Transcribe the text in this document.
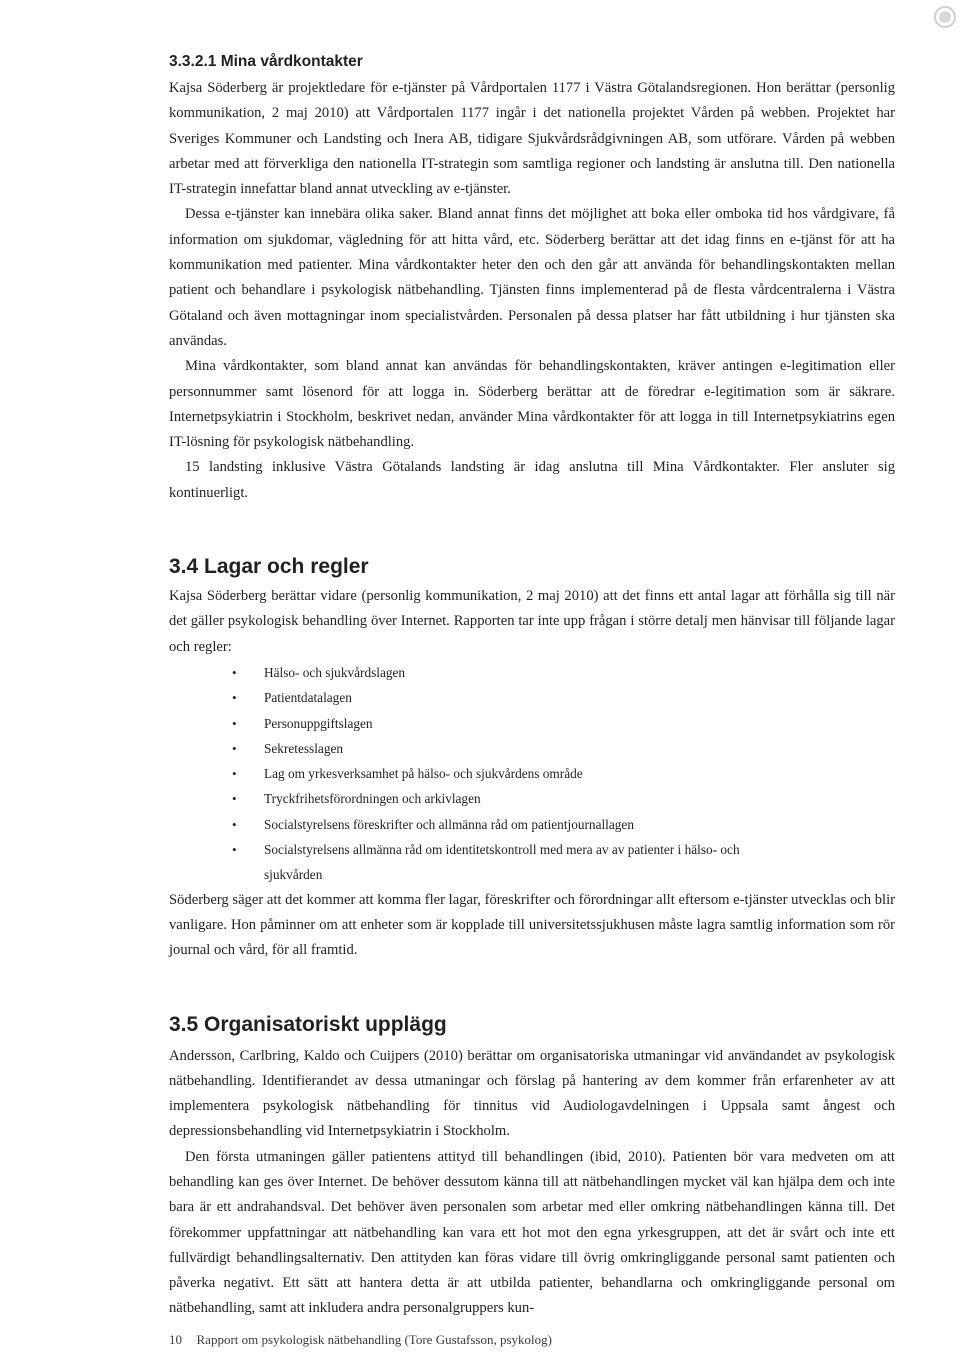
3.3.2.1 Mina vårdkontakter

Kajsa Söderberg är projektledare för e-tjänster på Vårdportalen 1177 i Västra Götalandsregionen. Hon berättar (personlig kommunikation, 2 maj 2010) att Vårdportalen 1177 ingår i det nationella projektet Vården på webben. Projektet har Sveriges Kommuner och Landsting och Inera AB, tidigare Sjukvårdsrådgivningen AB, som utförare. Vården på webben arbetar med att förverkliga den nationella IT-strategin som samtliga regioner och landsting är anslutna till. Den nationella IT-strategin innefattar bland annat utveckling av e-tjänster.

Dessa e-tjänster kan innebära olika saker. Bland annat finns det möjlighet att boka eller omboka tid hos vårdgivare, få information om sjukdomar, vägledning för att hitta vård, etc. Söderberg berättar att det idag finns en e-tjänst för att ha kommunikation med patienter. Mina vårdkontakter heter den och den går att använda för behandlingskontakten mellan patient och behandlare i psykologisk nätbehandling. Tjänsten finns implementerad på de flesta vårdcentralerna i Västra Götaland och även mottagningar inom specialistvården. Personalen på dessa platser har fått utbildning i hur tjänsten ska användas.

Mina vårdkontakter, som bland annat kan användas för behandlingskontakten, kräver antingen e-legitimation eller personnummer samt lösenord för att logga in. Söderberg berättar att de föredrar e-legitimation som är säkrare. Internetpsykiatrin i Stockholm, beskrivet nedan, använder Mina vårdkontakter för att logga in till Internetpsykiatrins egen IT-lösning för psykologisk nätbehandling.

15 landsting inklusive Västra Götalands landsting är idag anslutna till Mina Vårdkontakter. Fler ansluter sig kontinuerligt.

3.4 Lagar och regler

Kajsa Söderberg berättar vidare (personlig kommunikation, 2 maj 2010) att det finns ett antal lagar att förhålla sig till när det gäller psykologisk behandling över Internet. Rapporten tar inte upp frågan i större detalj men hänvisar till följande lagar och regler:

• Hälso- och sjukvårdslagen
• Patientdatalagen
• Personuppgiftslagen
• Sekretesslagen
• Lag om yrkesverksamhet på hälso- och sjukvårdens område
• Tryckfrihetsförordningen och arkivlagen
• Socialstyrelsens föreskrifter och allmänna råd om patientjournallagen
• Socialstyrelsens allmänna råd om identitetskontroll med mera av av patienter i hälso- och sjukvården

Söderberg säger att det kommer att komma fler lagar, föreskrifter och förordningar allt eftersom e-tjänster utvecklas och blir vanligare. Hon påminner om att enheter som är kopplade till universitetssjukhusen måste lagra samtlig information som rör journal och vård, för all framtid.

3.5 Organisatoriskt upplägg

Andersson, Carlbring, Kaldo och Cuijpers (2010) berättar om organisatoriska utmaningar vid användandet av psykologisk nätbehandling. Identifierandet av dessa utmaningar och förslag på hantering av dem kommer från erfarenheter av att implementera psykologisk nätbehandling för tinnitus vid Audiologavdelningen i Uppsala samt ångest och depressionsbehandling vid Internetpsykiatrin i Stockholm.

Den första utmaningen gäller patientens attityd till behandlingen (ibid, 2010). Patienten bör vara medveten om att behandling kan ges över Internet. De behöver dessutom känna till att nätbehandlingen mycket väl kan hjälpa dem och inte bara är ett andrahandsval. Det behöver även personalen som arbetar med eller omkring nätbehandlingen känna till. Det förekommer uppfattningar att nätbehandling kan vara ett hot mot den egna yrkesgruppen, att det är svårt och inte ett fullvärdigt behandlingsalternativ. Den attityden kan föras vidare till övrig omkringliggande personal samt patienten och påverka negativt. Ett sätt att hantera detta är att utbilda patienter, behandlarna och omkringliggande personal om nätbehandling, samt att inkludera andra personalgruppers kun-

10 Rapport om psykologisk nätbehandling (Tore Gustafsson, psykolog)
